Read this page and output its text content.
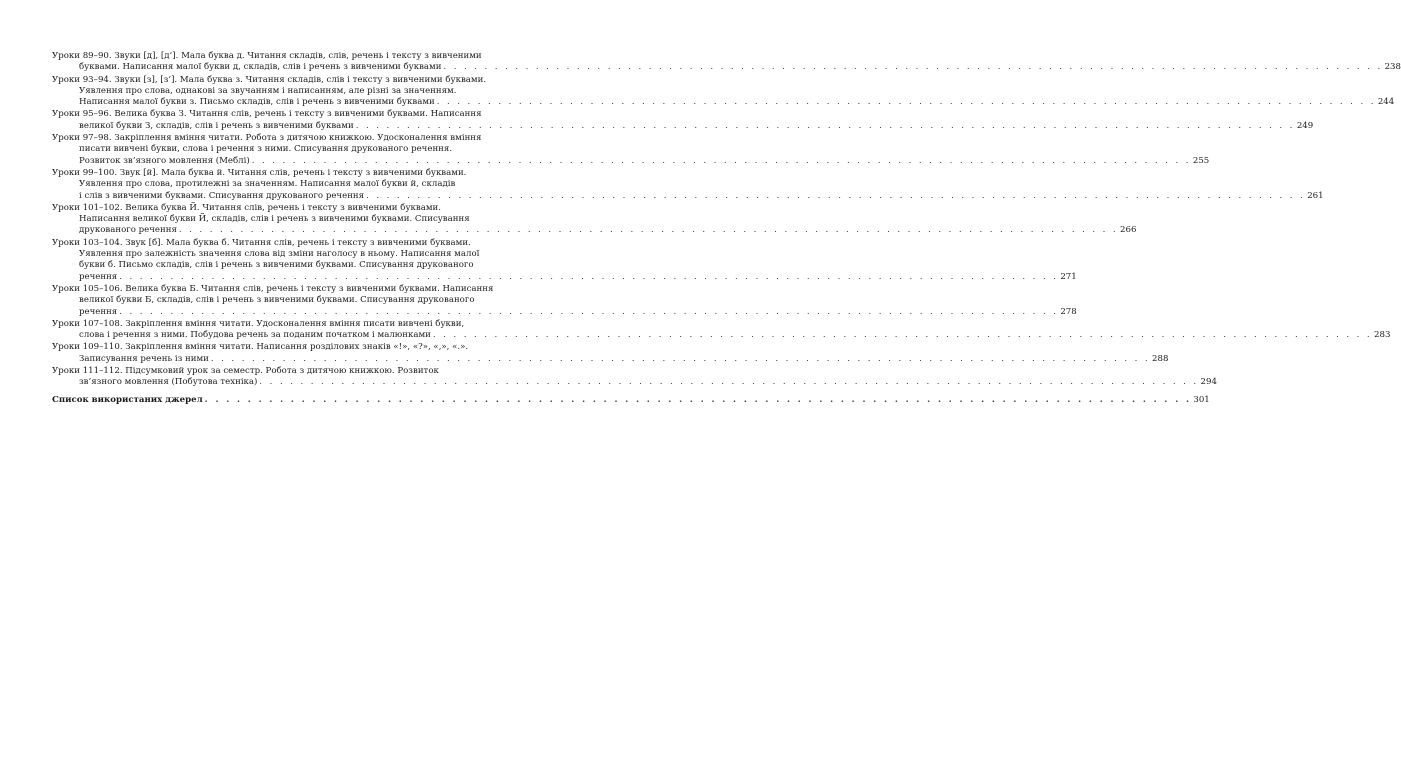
Уроки 89–90.
Звуки [д], [д’]. Мала буква д. Читання складів, слів, речень і тексту з вивченими
буквами. Написання малої букви д, складів, слів і речень з вивченими буквами . . .	238
Уроки 93–94.
Звуки [з], [з’]. Мала буква з. Читання складів, слів і тексту з вивченими буквами.
Уявлення про слова, однакові за звучанням і написанням, але різні за значенням.
Написання малої букви з. Письмо складів, слів і речень з вивченими буквами . . .	244
Уроки 95–96.
Велика буква З. Читання слів, речень і тексту з вивченими буквами. Написання
великої букви З, складів, слів і речень з вивченими буквами . . .	249
Уроки 97–98.
Закріплення вміння читати. Робота з дитячою книжкою. Удосконалення вміння
писати вивчені букви, слова і речення з ними. Списування друкованого речення.
Розвиток зв’язного мовлення (Меблі) . . .	255
Уроки 99–100.
Звук [й]. Мала буква й. Читання слів, речень і тексту з вивченими буквами.
Уявлення про слова, протилежні за значенням. Написання малої букви й, складів
і слів з вивченими буквами. Списування друкованого речення . . .	261
Уроки 101–102.
Велика буква Й. Читання слів, речень і тексту з вивченими буквами.
Написання великої букви Й, складів, слів і речень з вивченими буквами. Списування
друкованого речення . . .	266
Уроки 103–104.
Звук [б]. Мала буква б. Читання слів, речень і тексту з вивченими буквами.
Уявлення про залежність значення слова від зміни наголосу в ньому. Написання малої
букви б. Письмо складів, слів і речень з вивченими буквами. Списування друкованого
речення . . .	271
Уроки 105–106.
Велика буква Б. Читання слів, речень і тексту з вивченими буквами. Написання
великої букви Б, складів, слів і речень з вивченими буквами. Списування друкованого
речення . . .	278
Уроки 107–108.
Закріплення вміння читати. Удосконалення вміння писати вивчені букви,
слова і речення з ними. Побудова речень за поданим початком і малюнками . . .	283
Уроки 109–110.
Закріплення вміння читати. Написання розділових знаків «!», «?», «,», «.».
Записування речень із ними . . .	288
Уроки 111–112.
Підсумковий урок за семестр. Робота з дитячою книжкою. Розвиток
зв’язного мовлення (Побутова техніка) . . .	294
Список використаних джерел . . .	301
